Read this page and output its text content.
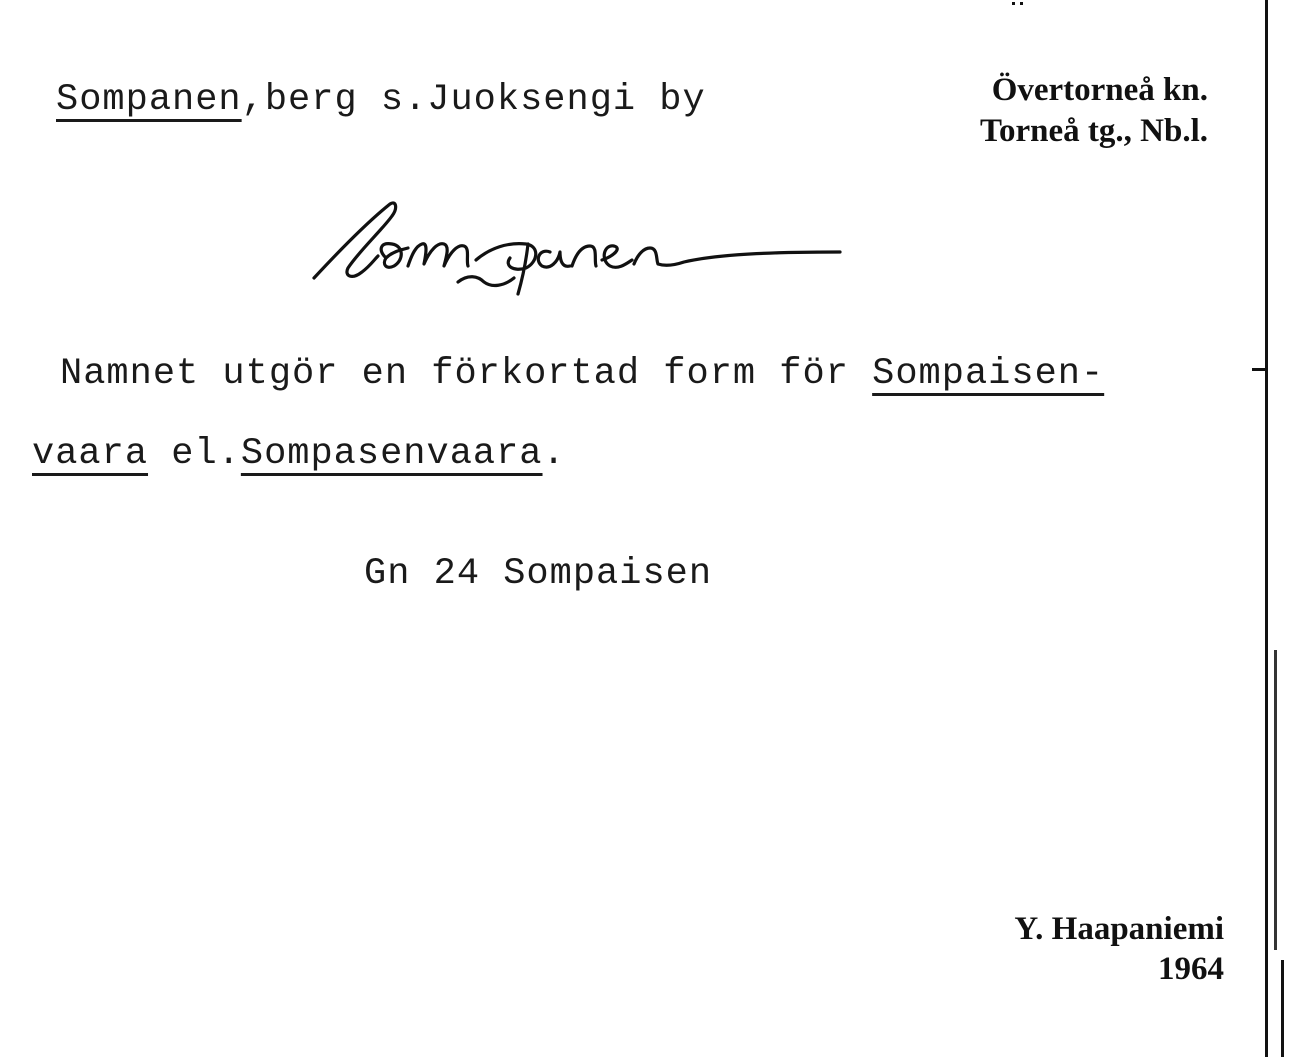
Sompanen,berg s.Juoksengi by	Övertorneå kn.
Torneå tg., Nb.l.
Namnet utgör en förkortad form för Sompaisen-
vaara el.Sompasenvaara.
Gn 24 Sompaisen
Y. Haapaniemi
1964
